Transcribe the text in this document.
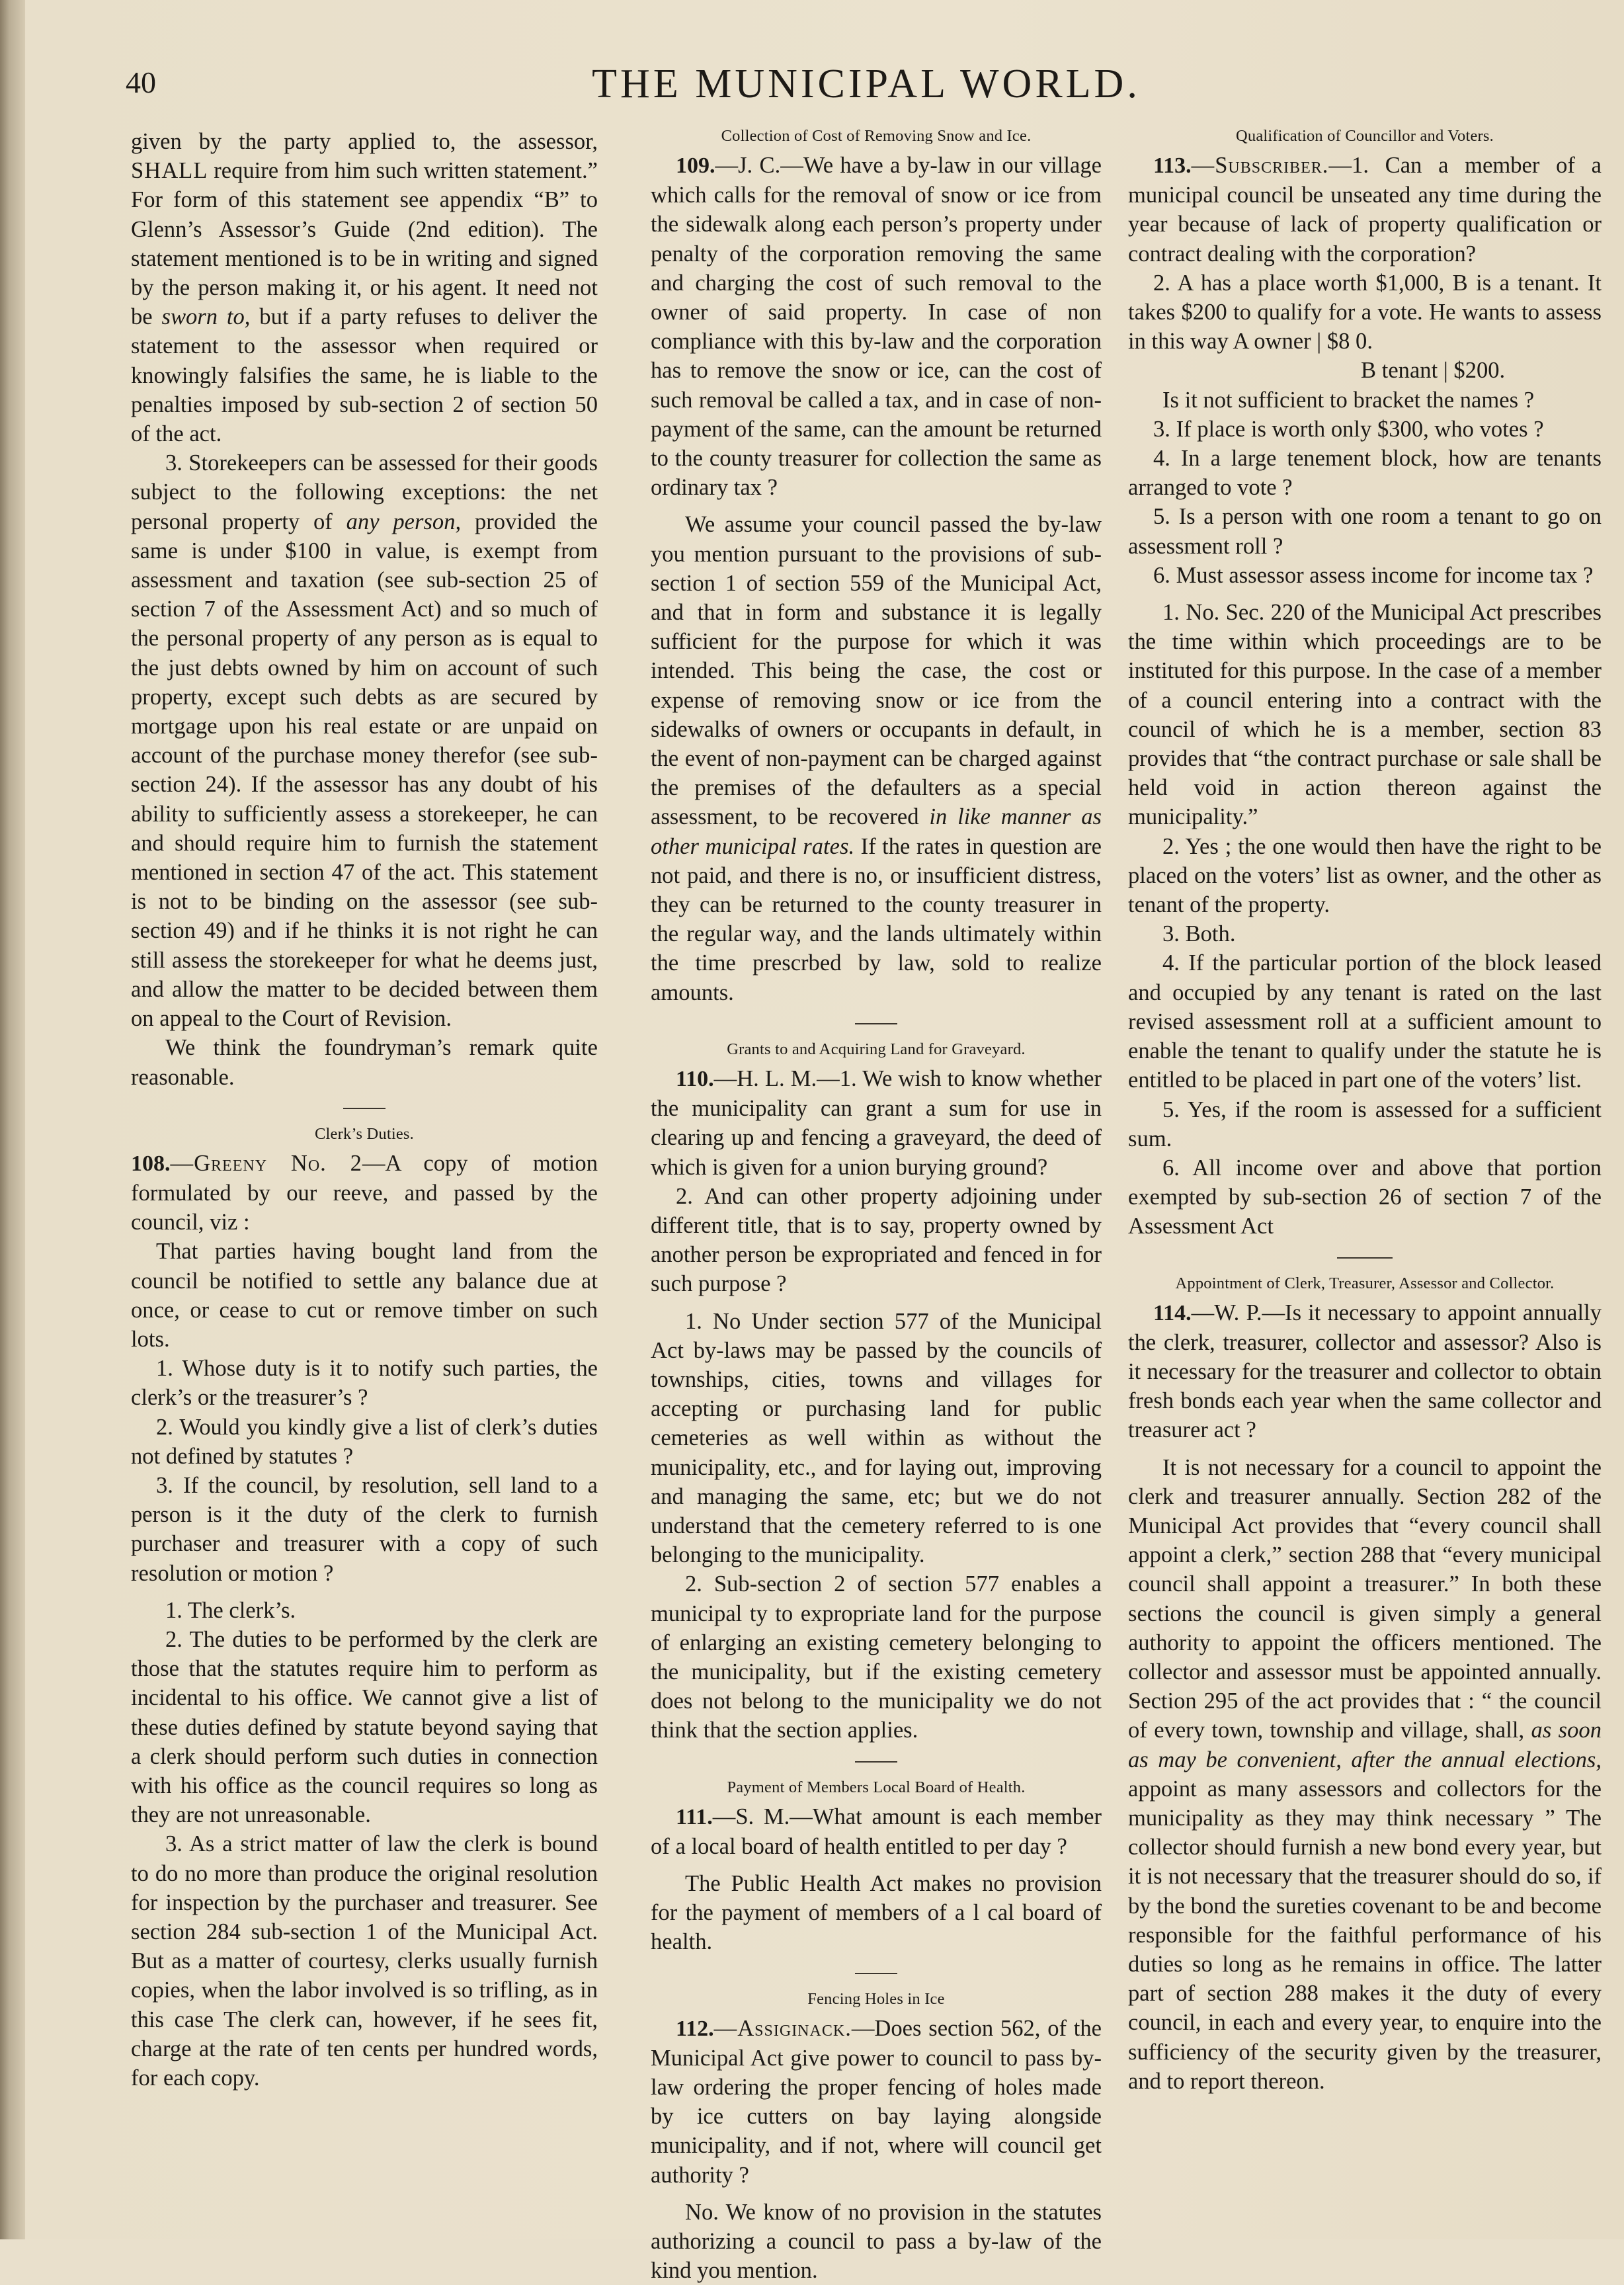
40	THE MUNICIPAL WORLD.

given by the party applied to, the assessor, SHALL require from him such written statement.” For form of this statement see appendix “B” to Glenn’s Assessor’s Guide (2nd edition). The statement mentioned is to be in writing and signed by the person making it, or his agent. It need not be sworn to, but if a party refuses to deliver the statement to the assessor when required or knowingly falsifies the same, he is liable to the penalties imposed by sub-section 2 of section 50 of the act.

3. Storekeepers can be assessed for their goods subject to the following exceptions: the net personal property of any person, provided the same is under $100 in value, is exempt from assessment and taxation (see sub-section 25 of section 7 of the Assessment Act) and so much of the personal property of any person as is equal to the just debts owned by him on account of such property, except such debts as are secured by mortgage upon his real estate or are unpaid on account of the purchase money therefor (see sub-section 24). If the assessor has any doubt of his ability to sufficiently assess a storekeeper, he can and should require him to furnish the statement mentioned in section 47 of the act. This statement is not to be binding on the assessor (see sub-section 49) and if he thinks it is not right he can still assess the storekeeper for what he deems just, and allow the matter to be decided between them on appeal to the Court of Revision.

We think the foundryman’s remark quite reasonable.

Clerk’s Duties.

108.—Greeny No. 2—A copy of motion formulated by our reeve, and passed by the council, viz :

That parties having bought land from the council be notified to settle any balance due at once, or cease to cut or remove timber on such lots.

1. Whose duty is it to notify such parties, the clerk’s or the treasurer’s ?

2. Would you kindly give a list of clerk’s duties not defined by statutes ?

3. If the council, by resolution, sell land to a person is it the duty of the clerk to furnish purchaser and treasurer with a copy of such resolution or motion ?

1. The clerk’s.

2. The duties to be performed by the clerk are those that the statutes require him to perform as incidental to his office. We cannot give a list of these duties defined by statute beyond saying that a clerk should perform such duties in connection with his office as the council requires so long as they are not unreasonable.

3. As a strict matter of law the clerk is bound to do no more than produce the original resolution for inspection by the purchaser and treasurer. See section 284 sub-section 1 of the Municipal Act. But as a matter of courtesy, clerks usually furnish copies, when the labor involved is so trifling, as in this case The clerk can, however, if he sees fit, charge at the rate of ten cents per hundred words, for each copy.

Collection of Cost of Removing Snow and Ice.

109.—J. C.—We have a by-law in our village which calls for the removal of snow or ice from the sidewalk along each person’s property under penalty of the corporation removing the same and charging the cost of such removal to the owner of said property. In case of non compliance with this by-law and the corporation has to remove the snow or ice, can the cost of such removal be called a tax, and in case of non-payment of the same, can the amount be returned to the county treasurer for collection the same as ordinary tax ?

We assume your council passed the by-law you mention pursuant to the provisions of sub-section 1 of section 559 of the Municipal Act, and that in form and substance it is legally sufficient for the purpose for which it was intended. This being the case, the cost or expense of removing snow or ice from the sidewalks of owners or occupants in default, in the event of non-payment can be charged against the premises of the defaulters as a special assessment, to be recovered in like manner as other municipal rates. If the rates in question are not paid, and there is no, or insufficient distress, they can be returned to the county treasurer in the regular way, and the lands ultimately within the time prescrbed by law, sold to realize amounts.

Grants to and Acquiring Land for Graveyard.

110.—H. L. M.—1. We wish to know whether the municipality can grant a sum for use in clearing up and fencing a graveyard, the deed of which is given for a union burying ground?

2. And can other property adjoining under different title, that is to say, property owned by another person be expropriated and fenced in for such purpose ?

1. No Under section 577 of the Municipal Act by-laws may be passed by the councils of townships, cities, towns and villages for accepting or purchasing land for public cemeteries as well within as without the municipality, etc., and for laying out, improving and managing the same, etc; but we do not understand that the cemetery referred to is one belonging to the municipality.

2. Sub-section 2 of section 577 enables a municipal ty to expropriate land for the purpose of enlarging an existing cemetery belonging to the municipality, but if the existing cemetery does not belong to the municipality we do not think that the section applies.

Payment of Members Local Board of Health.

111.—S. M.—What amount is each member of a local board of health entitled to per day ?

The Public Health Act makes no provision for the payment of members of a l cal board of health.

Fencing Holes in Ice

112.—Assiginack.—Does section 562, of the Municipal Act give power to council to pass by-law ordering the proper fencing of holes made by ice cutters on bay laying alongside municipality, and if not, where will council get authority ?

No. We know of no provision in the statutes authorizing a council to pass a by-law of the kind you mention.

Qualification of Councillor and Voters.

113.—Subscriber.—1. Can a member of a municipal council be unseated any time during the year because of lack of property qualification or contract dealing with the corporation?

2. A has a place worth $1,000, B is a tenant. It takes $200 to qualify for a vote. He wants to assess in this way A owner | $8 0.

B tenant | $200.

Is it not sufficient to bracket the names ?

3. If place is worth only $300, who votes ?

4. In a large tenement block, how are tenants arranged to vote ?

5. Is a person with one room a tenant to go on assessment roll ?

6. Must assessor assess income for income tax ?

1. No. Sec. 220 of the Municipal Act prescribes the time within which proceedings are to be instituted for this purpose. In the case of a member of a council entering into a contract with the council of which he is a member, section 83 provides that “the contract purchase or sale shall be held void in action thereon against the municipality.”

2. Yes ; the one would then have the right to be placed on the voters’ list as owner, and the other as tenant of the property.

3. Both.

4. If the particular portion of the block leased and occupied by any tenant is rated on the last revised assessment roll at a sufficient amount to enable the tenant to qualify under the statute he is entitled to be placed in part one of the voters’ list.

5. Yes, if the room is assessed for a sufficient sum.

6. All income over and above that portion exempted by sub-section 26 of section 7 of the Assessment Act

Appointment of Clerk, Treasurer, Assessor and Collector.

114.—W. P.—Is it necessary to appoint annually the clerk, treasurer, collector and assessor? Also is it necessary for the treasurer and collector to obtain fresh bonds each year when the same collector and treasurer act ?

It is not necessary for a council to appoint the clerk and treasurer annually. Section 282 of the Municipal Act provides that “every council shall appoint a clerk,” section 288 that “every municipal council shall appoint a treasurer.” In both these sections the council is given simply a general authority to appoint the officers mentioned. The collector and assessor must be appointed annually. Section 295 of the act provides that : “ the council of every town, township and village, shall, as soon as may be convenient, after the annual elections, appoint as many assessors and collectors for the municipality as they may think necessary ” The collector should furnish a new bond every year, but it is not necessary that the treasurer should do so, if by the bond the sureties covenant to be and become responsible for the faithful performance of his duties so long as he remains in office. The latter part of section 288 makes it the duty of every council, in each and every year, to enquire into the sufficiency of the security given by the treasurer, and to report thereon.
